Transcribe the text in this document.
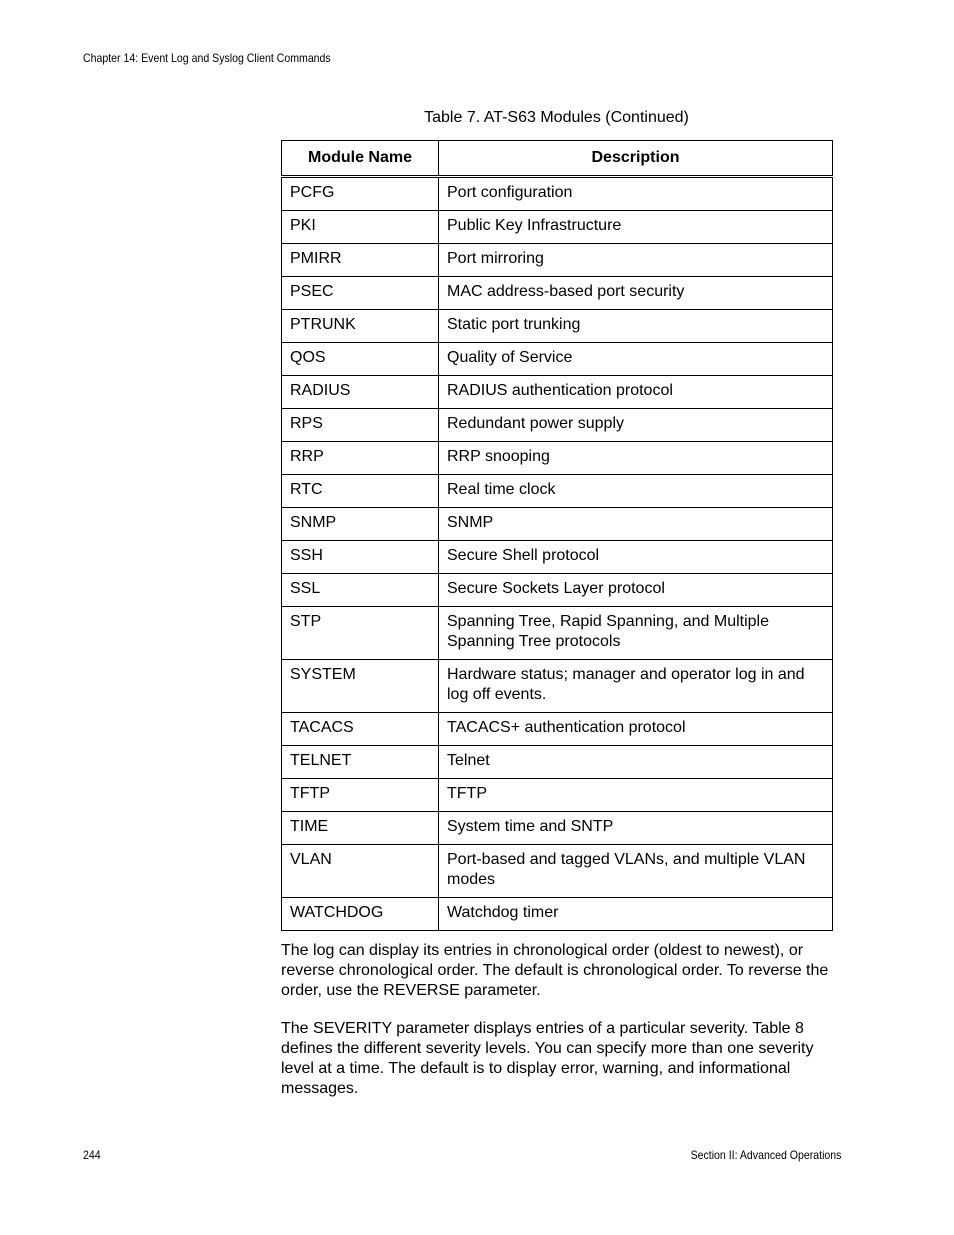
Chapter 14: Event Log and Syslog Client Commands
Table 7. AT-S63 Modules (Continued)
Module Name	Description
PCFG	Port configuration
PKI	Public Key Infrastructure
PMIRR	Port mirroring
PSEC	MAC address-based port security
PTRUNK	Static port trunking
QOS	Quality of Service
RADIUS	RADIUS authentication protocol
RPS	Redundant power supply
RRP	RRP snooping
RTC	Real time clock
SNMP	SNMP
SSH	Secure Shell protocol
SSL	Secure Sockets Layer protocol
STP	Spanning Tree, Rapid Spanning, and Multiple Spanning Tree protocols
SYSTEM	Hardware status; manager and operator log in and log off events.
TACACS	TACACS+ authentication protocol
TELNET	Telnet
TFTP	TFTP
TIME	System time and SNTP
VLAN	Port-based and tagged VLANs, and multiple VLAN modes
WATCHDOG	Watchdog timer

The log can display its entries in chronological order (oldest to newest), or reverse chronological order. The default is chronological order. To reverse the order, use the REVERSE parameter.

The SEVERITY parameter displays entries of a particular severity. Table 8 defines the different severity levels. You can specify more than one severity level at a time. The default is to display error, warning, and informational messages.

244	Section II: Advanced Operations
